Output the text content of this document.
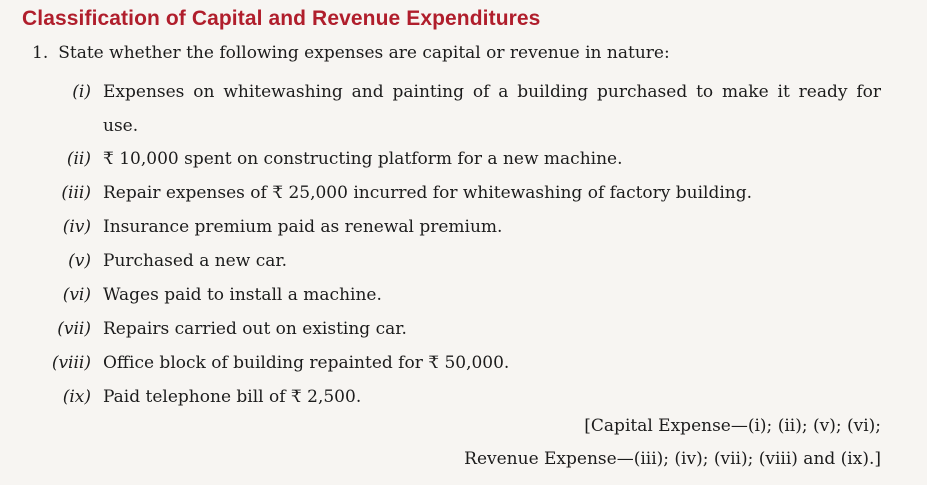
Classification of Capital and Revenue Expenditures
1. State whether the following expenses are capital or revenue in nature:
(i) Expenses on whitewashing and painting of a building purchased to make it ready for use.
(ii) ₹ 10,000 spent on constructing platform for a new machine.
(iii) Repair expenses of ₹ 25,000 incurred for whitewashing of factory building.
(iv) Insurance premium paid as renewal premium.
(v) Purchased a new car.
(vi) Wages paid to install a machine.
(vii) Repairs carried out on existing car.
(viii) Office block of building repainted for ₹ 50,000.
(ix) Paid telephone bill of ₹ 2,500.
[Capital Expense—(i); (ii); (v); (vi);
Revenue Expense—(iii); (iv); (vii); (viii) and (ix).]
